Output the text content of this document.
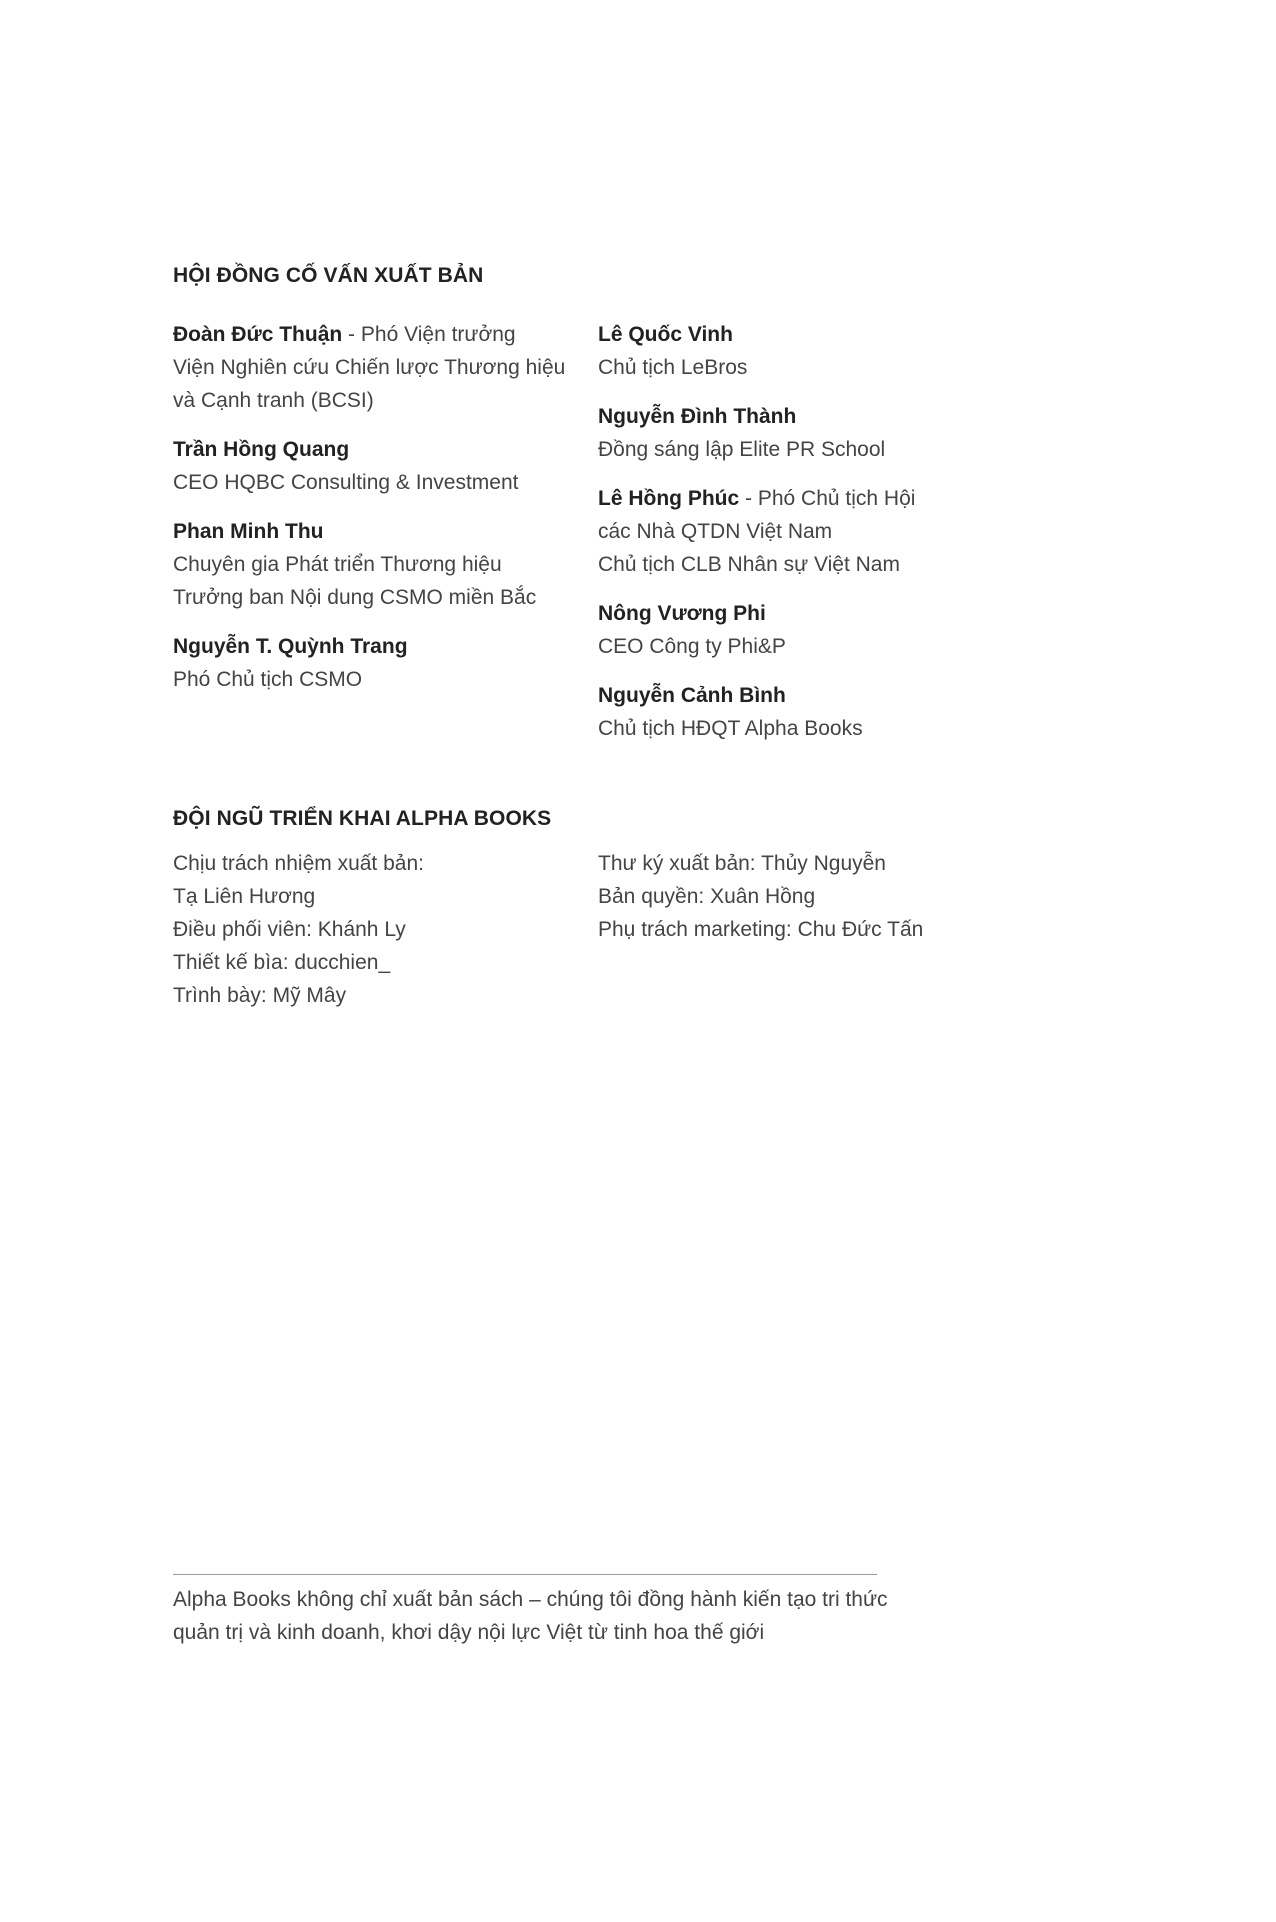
HỘI ĐỒNG CỐ VẤN XUẤT BẢN
Đoàn Đức Thuận - Phó Viện trưởng
Viện Nghiên cứu Chiến lược Thương hiệu
và Cạnh tranh (BCSI)
Trần Hồng Quang
CEO HQBC Consulting & Investment
Phan Minh Thu
Chuyên gia Phát triển Thương hiệu
Trưởng ban Nội dung CSMO miền Bắc
Nguyễn T. Quỳnh Trang
Phó Chủ tịch CSMO
Lê Quốc Vinh
Chủ tịch LeBros
Nguyễn Đình Thành
Đồng sáng lập Elite PR School
Lê Hồng Phúc - Phó Chủ tịch Hội
các Nhà QTDN Việt Nam
Chủ tịch CLB Nhân sự Việt Nam
Nông Vương Phi
CEO Công ty Phi&P
Nguyễn Cảnh Bình
Chủ tịch HĐQT Alpha Books
ĐỘI NGŨ TRIỂN KHAI ALPHA BOOKS
Chịu trách nhiệm xuất bản:
Tạ Liên Hương
Điều phối viên: Khánh Ly
Thiết kế bìa: ducchien_
Trình bày: Mỹ Mây
Thư ký xuất bản: Thủy Nguyễn
Bản quyền: Xuân Hồng
Phụ trách marketing: Chu Đức Tấn
Alpha Books không chỉ xuất bản sách – chúng tôi đồng hành kiến tạo tri thức
quản trị và kinh doanh, khơi dậy nội lực Việt từ tinh hoa thế giới
